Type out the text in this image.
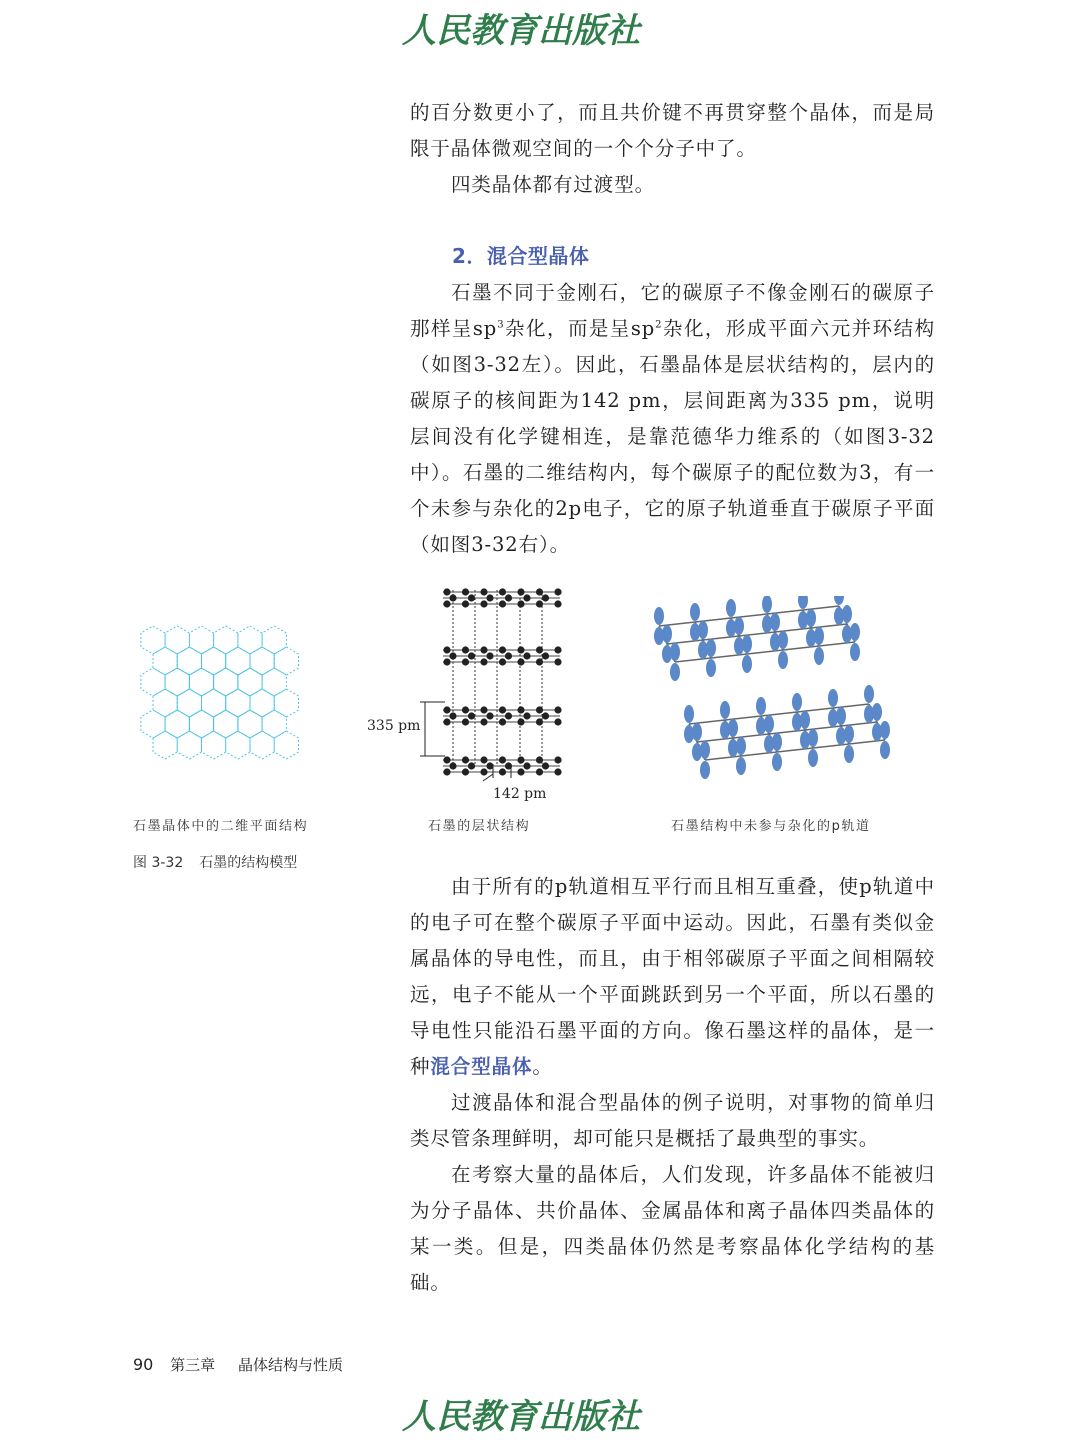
人民教育出版社

的百分数更小了，而且共价键不再贯穿整个晶体，而是局限于晶体微观空间的一个个分子中了。

四类晶体都有过渡型。

2．混合型晶体

石墨不同于金刚石，它的碳原子不像金刚石的碳原子那样呈$sp^3$杂化，而是呈$sp^2$杂化，形成平面六元并环结构（如图3-32左）。因此，石墨晶体是层状结构的，层内的碳原子的核间距为142 pm，层间距离为335 pm，说明层间没有化学键相连，是靠范德华力维系的（如图3-32中）。石墨的二维结构内，每个碳原子的配位数为3，有一个未参与杂化的2p电子，它的原子轨道垂直于碳原子平面（如图3-32右）。

335 pm
142 pm
石墨晶体中的二维平面结构	石墨的层状结构	石墨结构中未参与杂化的p轨道
图 3-32 石墨的结构模型

由于所有的p轨道相互平行而且相互重叠，使p轨道中的电子可在整个碳原子平面中运动。因此，石墨有类似金属晶体的导电性，而且，由于相邻碳原子平面之间相隔较远，电子不能从一个平面跳跃到另一个平面，所以石墨的导电性只能沿石墨平面的方向。像石墨这样的晶体，是一种混合型晶体。

过渡晶体和混合型晶体的例子说明，对事物的简单归类尽管条理鲜明，却可能只是概括了最典型的事实。

在考察大量的晶体后，人们发现，许多晶体不能被归为分子晶体、共价晶体、金属晶体和离子晶体四类晶体的某一类。但是，四类晶体仍然是考察晶体化学结构的基础。

90 第三章 晶体结构与性质
人民教育出版社
